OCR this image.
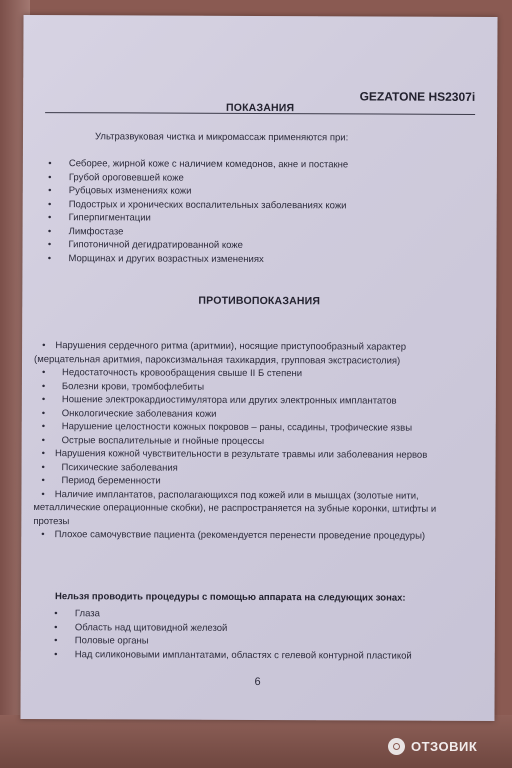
GEZATONE HS2307i
ПОКАЗАНИЯ
Ультразвуковая чистка и микромассаж применяются при:
•	Себорее, жирной коже с наличием комедонов, акне и постакне
•	Грубой ороговевшей коже
•	Рубцовых изменениях кожи
•	Подострых и хронических воспалительных заболеваниях кожи
•	Гиперпигментации
•	Лимфостазе
•	Гипотоничной дегидратированной коже
•	Морщинах и других возрастных изменениях
ПРОТИВОПОКАЗАНИЯ
• Нарушения сердечного ритма (аритмии), носящие приступообразный характер (мерцательная аритмия, пароксизмальная тахикардия, групповая экстрасистолия)
• Недостаточность кровообращения свыше II Б степени
• Болезни крови, тромбофлебиты
• Ношение электрокардиостимулятора или других электронных имплантатов
• Онкологические заболевания кожи
• Нарушение целостности кожных покровов – раны, ссадины, трофические язвы
• Острые воспалительные и гнойные процессы
• Нарушения кожной чувствительности в результате травмы или заболевания нервов
• Психические заболевания
• Период беременности
• Наличие имплантатов, располагающихся под кожей или в мышцах (золотые нити, металлические операционные скобки), не распространяется на зубные коронки, штифты и протезы
• Плохое самочувствие пациента (рекомендуется перенести проведение процедуры)
Нельзя проводить процедуры с помощью аппарата на следующих зонах:
•	Глаза
•	Область над щитовидной железой
•	Половые органы
•	Над силиконовыми имплантатами, областях с гелевой контурной пластикой
6
ОТЗОВИК
